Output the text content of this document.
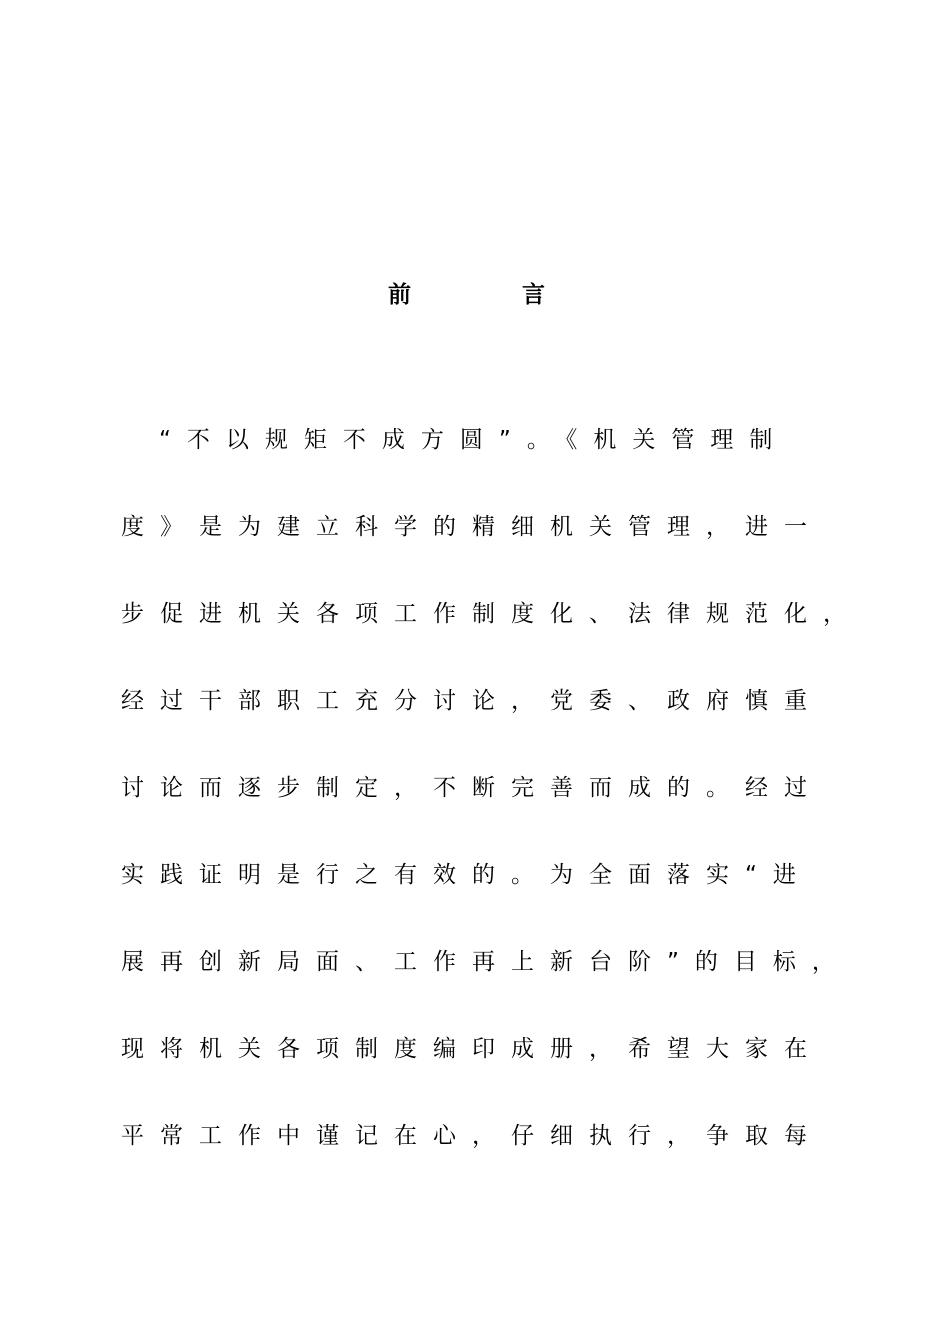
前	言
“不以规矩不成方圆”。《机关管理制
度》是为建立科学的精细机关管理，进一
步促进机关各项工作制度化、法律规范化，
经过干部职工充分讨论，党委、政府慎重
讨论而逐步制定，不断完善而成的。经过
实践证明是行之有效的。为全面落实“进
展再创新局面、工作再上新台阶”的目标，
现将机关各项制度编印成册，希望大家在
平常工作中谨记在心，仔细执行，争取每
